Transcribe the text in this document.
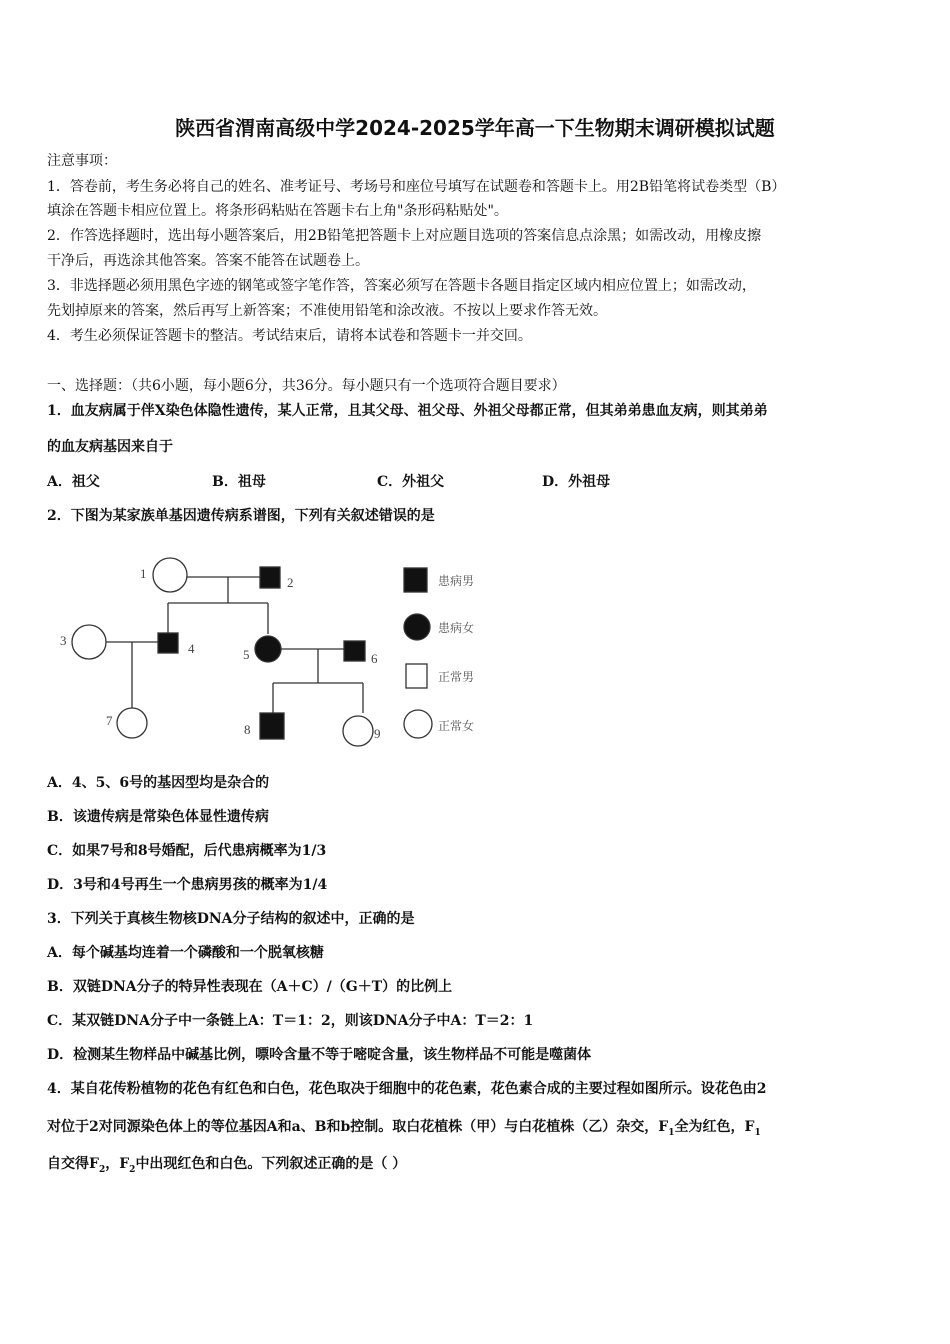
陕西省渭南高级中学2024-2025学年高一下生物期末调研模拟试题
注意事项：
1．答卷前，考生务必将自己的姓名、准考证号、考场号和座位号填写在试题卷和答题卡上。用2B铅笔将试卷类型（B）
填涂在答题卡相应位置上。将条形码粘贴在答题卡右上角"条形码粘贴处"。
2．作答选择题时，选出每小题答案后，用2B铅笔把答题卡上对应题目选项的答案信息点涂黑；如需改动，用橡皮擦
干净后，再选涂其他答案。答案不能答在试题卷上。
3．非选择题必须用黑色字迹的钢笔或签字笔作答，答案必须写在答题卡各题目指定区域内相应位置上；如需改动，
先划掉原来的答案，然后再写上新答案；不准使用铅笔和涂改液。不按以上要求作答无效。
4．考生必须保证答题卡的整洁。考试结束后，请将本试卷和答题卡一并交回。
一、选择题：（共6小题，每小题6分，共36分。每小题只有一个选项符合题目要求）
1．血友病属于伴X染色体隐性遗传，某人正常，且其父母、祖父母、外祖父母都正常，但其弟弟患血友病，则其弟弟
的血友病基因来自于
A．祖父	B．祖母	C．外祖父	D．外祖母
2．下图为某家族单基因遗传病系谱图，下列有关叙述错误的是
1
2
3
4	5	6
7
8	9
患病男
患病女
正常男
正常女
A．4、5、6号的基因型均是杂合的
B．该遗传病是常染色体显性遗传病
C．如果7号和8号婚配，后代患病概率为1/3
D．3号和4号再生一个患病男孩的概率为1/4
3．下列关于真核生物核DNA分子结构的叙述中，正确的是
A．每个碱基均连着一个磷酸和一个脱氧核糖
B．双链DNA分子的特异性表现在（A＋C）/（G＋T）的比例上
C．某双链DNA分子中一条链上A：T＝1：2，则该DNA分子中A：T＝2：1
D．检测某生物样品中碱基比例，嘌呤含量不等于嘧啶含量，该生物样品不可能是噬菌体
4．某自花传粉植物的花色有红色和白色，花色取决于细胞中的花色素，花色素合成的主要过程如图所示。设花色由2
对位于2对同源染色体上的等位基因A和a、B和b控制。取白花植株（甲）与白花植株（乙）杂交，$F_1$全为红色，$F_1$
自交得$F_2$，$F_2$中出现红色和白色。下列叙述正确的是（ ）
